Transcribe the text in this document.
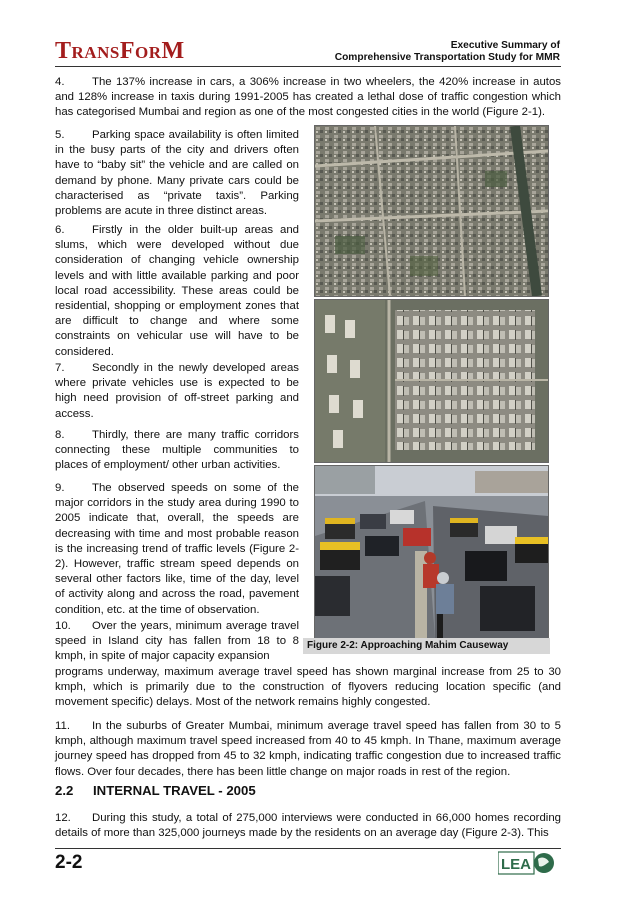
TRANSFORM	Executive Summary of
Comprehensive Transportation Study for MMR

4. The 137% increase in cars, a 306% increase in two wheelers, the 420% increase in autos and 128% increase in taxis during 1991-2005 has created a lethal dose of traffic congestion which has categorised Mumbai and region as one of the most congested cities in the world (Figure 2-1).

5. Parking space availability is often limited in the busy parts of the city and drivers often have to “baby sit” the vehicle and are called on demand by phone. Many private cars could be characterised as “private taxis”. Parking problems are acute in three distinct areas.

6. Firstly in the older built-up areas and slums, which were developed without due consideration of changing vehicle ownership levels and with little available parking and poor local road accessibility. These areas could be residential, shopping or employment zones that are difficult to change and where some constraints on vehicular use will have to be considered.

7. Secondly in the newly developed areas where private vehicles use is expected to be high need provision of off-street parking and access.

8. Thirdly, there are many traffic corridors connecting these multiple communities to places of employment/ other urban activities.

9. The observed speeds on some of the major corridors in the study area during 1990 to 2005 indicate that, overall, the speeds are decreasing with time and most probable reason is the increasing trend of traffic levels (Figure 2-2). However, traffic stream speed depends on several other factors like, time of the day, level of activity along and across the road, pavement condition, etc. at the time of observation.

10. Over the years, minimum average travel speed in Island city has fallen from 18 to 8 kmph, in spite of major capacity expansion

programs underway, maximum average travel speed has shown marginal increase from 25 to 30 kmph, which is primarily due to the construction of flyovers reducing location specific (and movement specific) delays. Most of the network remains highly congested.

11. In the suburbs of Greater Mumbai, minimum average travel speed has fallen from 30 to 5 kmph, although maximum travel speed increased from 40 to 45 kmph. In Thane, maximum average journey speed has dropped from 45 to 32 kmph, indicating traffic congestion due to increased traffic flows. Over four decades, there has been little change on major roads in rest of the region.

2.2 INTERNAL TRAVEL - 2005

12. During this study, a total of 275,000 interviews were conducted in 66,000 homes recording details of more than 325,000 journeys made by the residents on an average day (Figure 2-3). This

Figure 2-2: Approaching Mahim Causeway
2-2	LEA
